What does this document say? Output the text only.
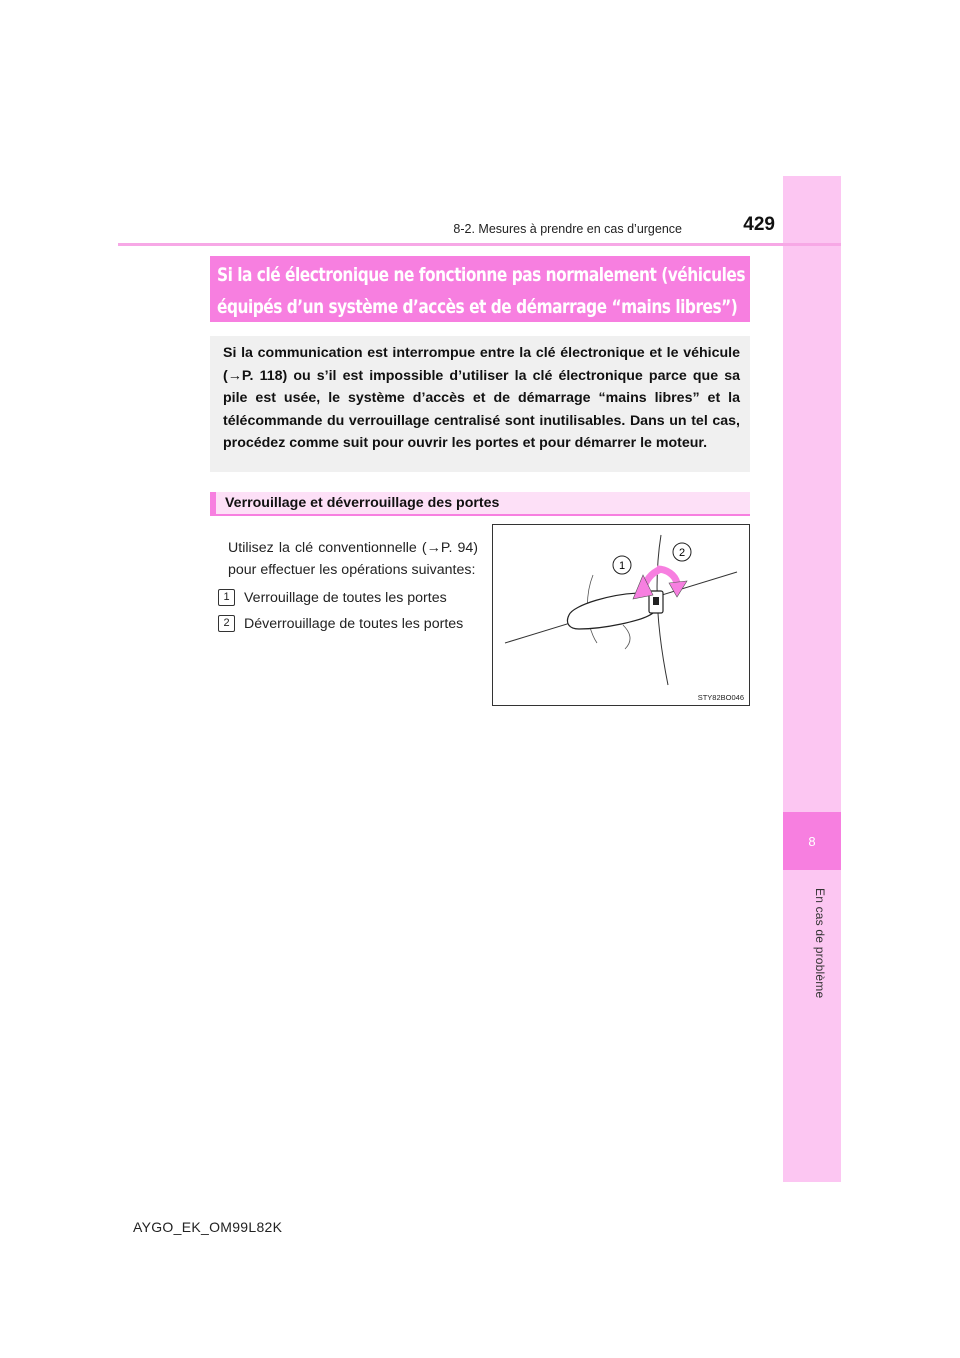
8
En cas de problème
8-2. Mesures à prendre en cas d’urgence	429
Si la clé électronique ne fonctionne pas normalement (véhicules
équipés d’un système d’accès et de démarrage “mains libres”)
Si la communication est interrompue entre la clé électronique et le véhicule (→P. 118) ou s’il est impossible d’utiliser la clé électronique parce que sa pile est usée, le système d’accès et de démarrage “mains libres” et la télécommande du verrouillage centralisé sont inutilisables. Dans un tel cas, procédez comme suit pour ouvrir les portes et pour démarrer le moteur.
Verrouillage et déverrouillage des portes
Utilisez la clé conventionnelle (→P. 94) pour effectuer les opérations suivantes:
1	Verrouillage de toutes les portes
2	Déverrouillage de toutes les portes
1
2
STY82BO046
AYGO_EK_OM99L82K
